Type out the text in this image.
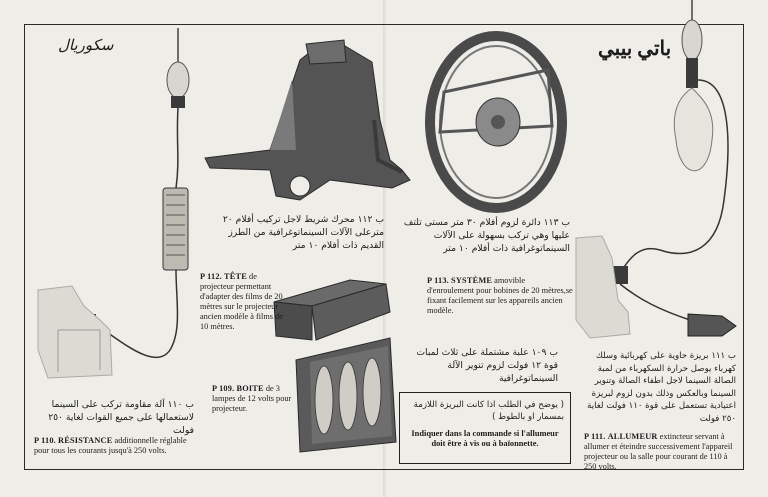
سكوريال	باتي بيبي
ب ١١٢ محرك شريط لاجل تركيب أفلام ٢٠ مترعلى الآلات السينماتوغرافية من الطرز القديم ذات أفلام ١٠ متر
P 112. TÊTE de projecteur permettant d'adapter des films de 20 mètres sur le projecteur ancien modèle à films de 10 mètres.
ب ١١٣ دائرة لزوم أفلام ٣٠ متر مستى تلتف عليها وهي تركب بسهولة على الآلات السينماتوغرافية ذات أفلام ١٠ متر
P 113. SYSTÈME amovible d'enroulement pour bobines de 20 mètres,se fixant facilement sur les appareils ancien modèle.
ب ١٠٩ علبة مشتملة على ثلاث لمبات قوة ١٢ فولت لزوم تنوير الآلة السينماتوغرافية
P 109. BOITE de 3 lampes de 12 volts pour projecteur.
ب ١١٠ آلة مقاومة تركب على السينما لاستعمالها على جميع القوات لغاية ٢٥٠ فولت
P 110. RÉSISTANCE additionnelle réglable pour tous les courants jusqu'à 250 volts.
ب ١١١ بريزة حاوية على كهربائية وسلك كهرباء يوصل حرارة السكهرباء من لمبة الصالة السينما لاجل اطفاء الصالة وتنوير السينما وبالعكس وذلك بدون لزوم لبريزة اعتيادية تستعمل على قوة ١١٠ فولت لغاية ٢٥٠ فولت
P 111. ALLUMEUR extincteur servant à allumer et éteindre successivement l'appareil projecteur ou la salle pour courant de 110 à 250 volts.
( يوضح في الطلب اذا كانت البريزة اللازمة بمسمار او بالطوط )
Indiquer dans la commande si l'allumeur doit être à vis ou à baïonnette.
